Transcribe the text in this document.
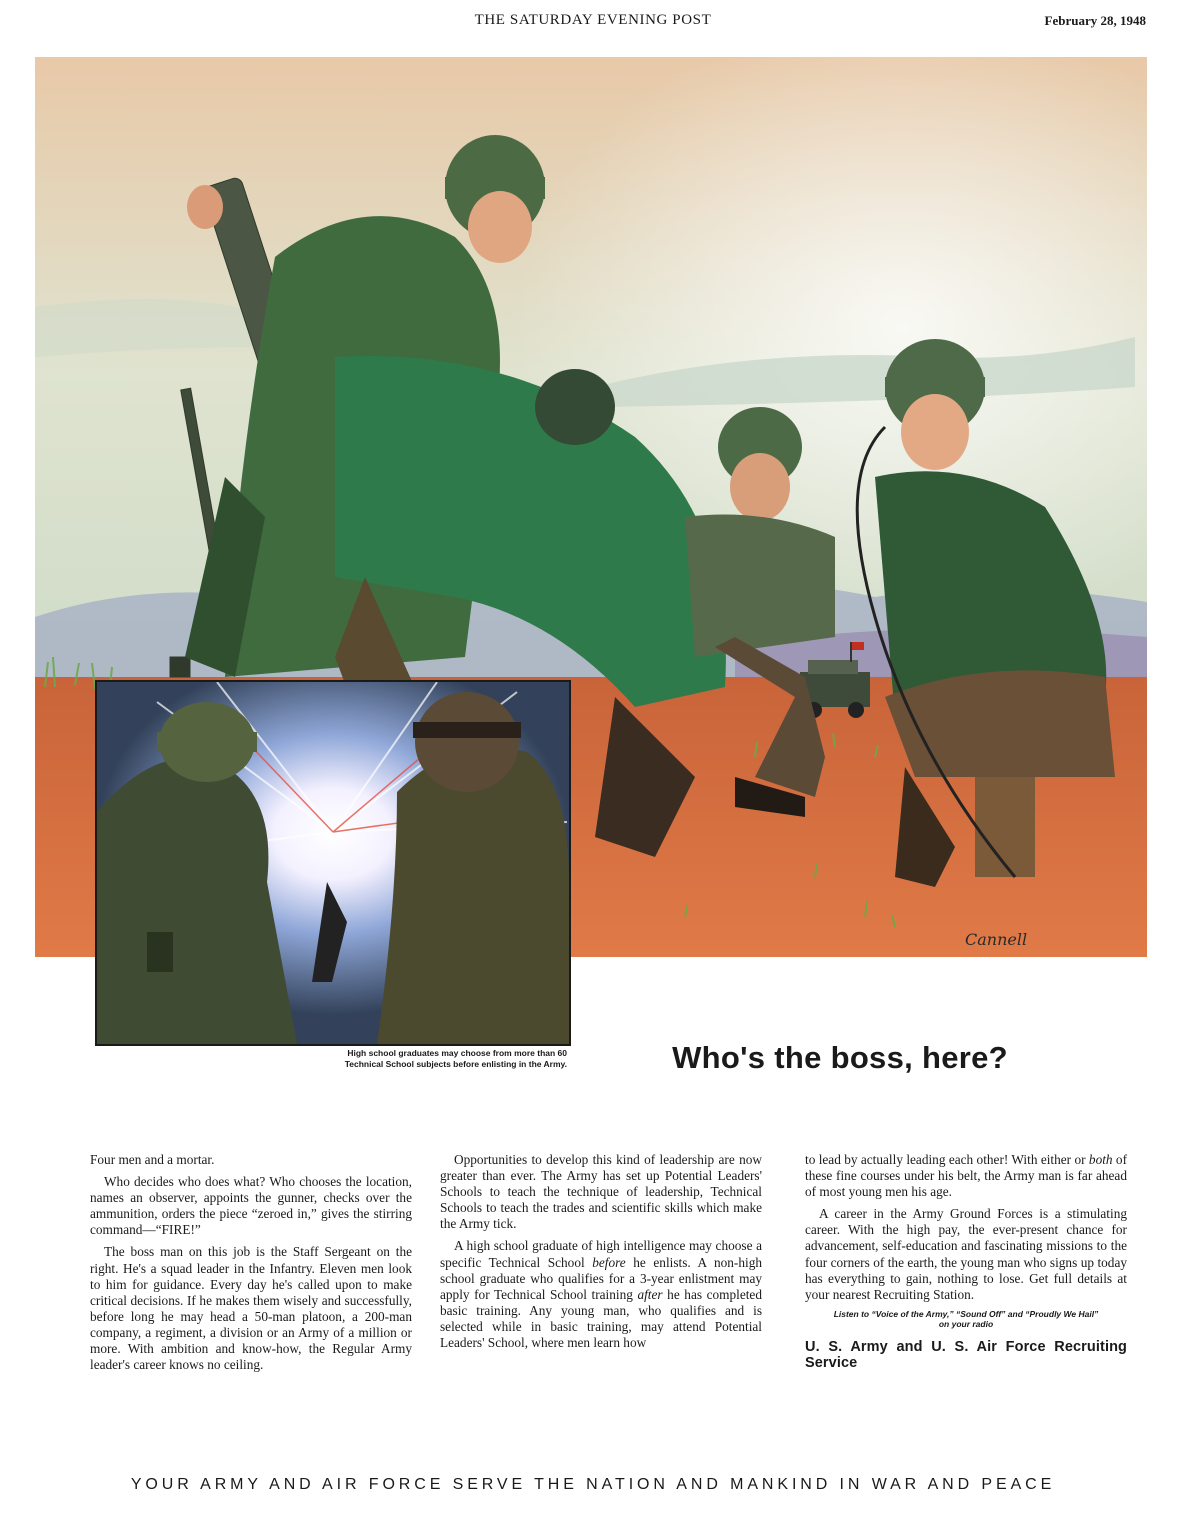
THE SATURDAY EVENING POST	February 28, 1948
Cannell
High school graduates may choose from more than 60
Technical School subjects before enlisting in the Army.	Who's the boss, here?

Four men and a mortar.

Who decides who does what? Who chooses the location, names an observer, appoints the gunner, checks over the ammunition, orders the piece “zeroed in,” gives the stirring command—“FIRE!”

The boss man on this job is the Staff Sergeant on the right. He's a squad leader in the Infantry. Eleven men look to him for guidance. Every day he's called upon to make critical decisions. If he makes them wisely and successfully, before long he may head a 50-man platoon, a 200-man company, a regiment, a division or an Army of a million or more. With ambition and know-how, the Regular Army leader's career knows no ceiling.

Opportunities to develop this kind of leadership are now greater than ever. The Army has set up Potential Leaders' Schools to teach the technique of leadership, Technical Schools to teach the trades and scientific skills which make the Army tick.

A high school graduate of high intelligence may choose a specific Technical School before he enlists. A non-high school graduate who qualifies for a 3-year enlistment may apply for Technical School training after he has completed basic training. Any young man, who qualifies and is selected while in basic training, may attend Potential Leaders' School, where men learn how

to lead by actually leading each other! With either or both of these fine courses under his belt, the Army man is far ahead of most young men his age.

A career in the Army Ground Forces is a stimulating career. With the high pay, the ever-present chance for advancement, self-education and fascinating missions to the four corners of the earth, the young man who signs up today has everything to gain, nothing to lose. Get full details at your nearest Recruiting Station.

Listen to “Voice of the Army,” “Sound Off” and “Proudly We Hail”
on your radio
U. S. Army and U. S. Air Force Recruiting Service
YOUR ARMY AND AIR FORCE SERVE THE NATION AND MANKIND IN WAR AND PEACE
